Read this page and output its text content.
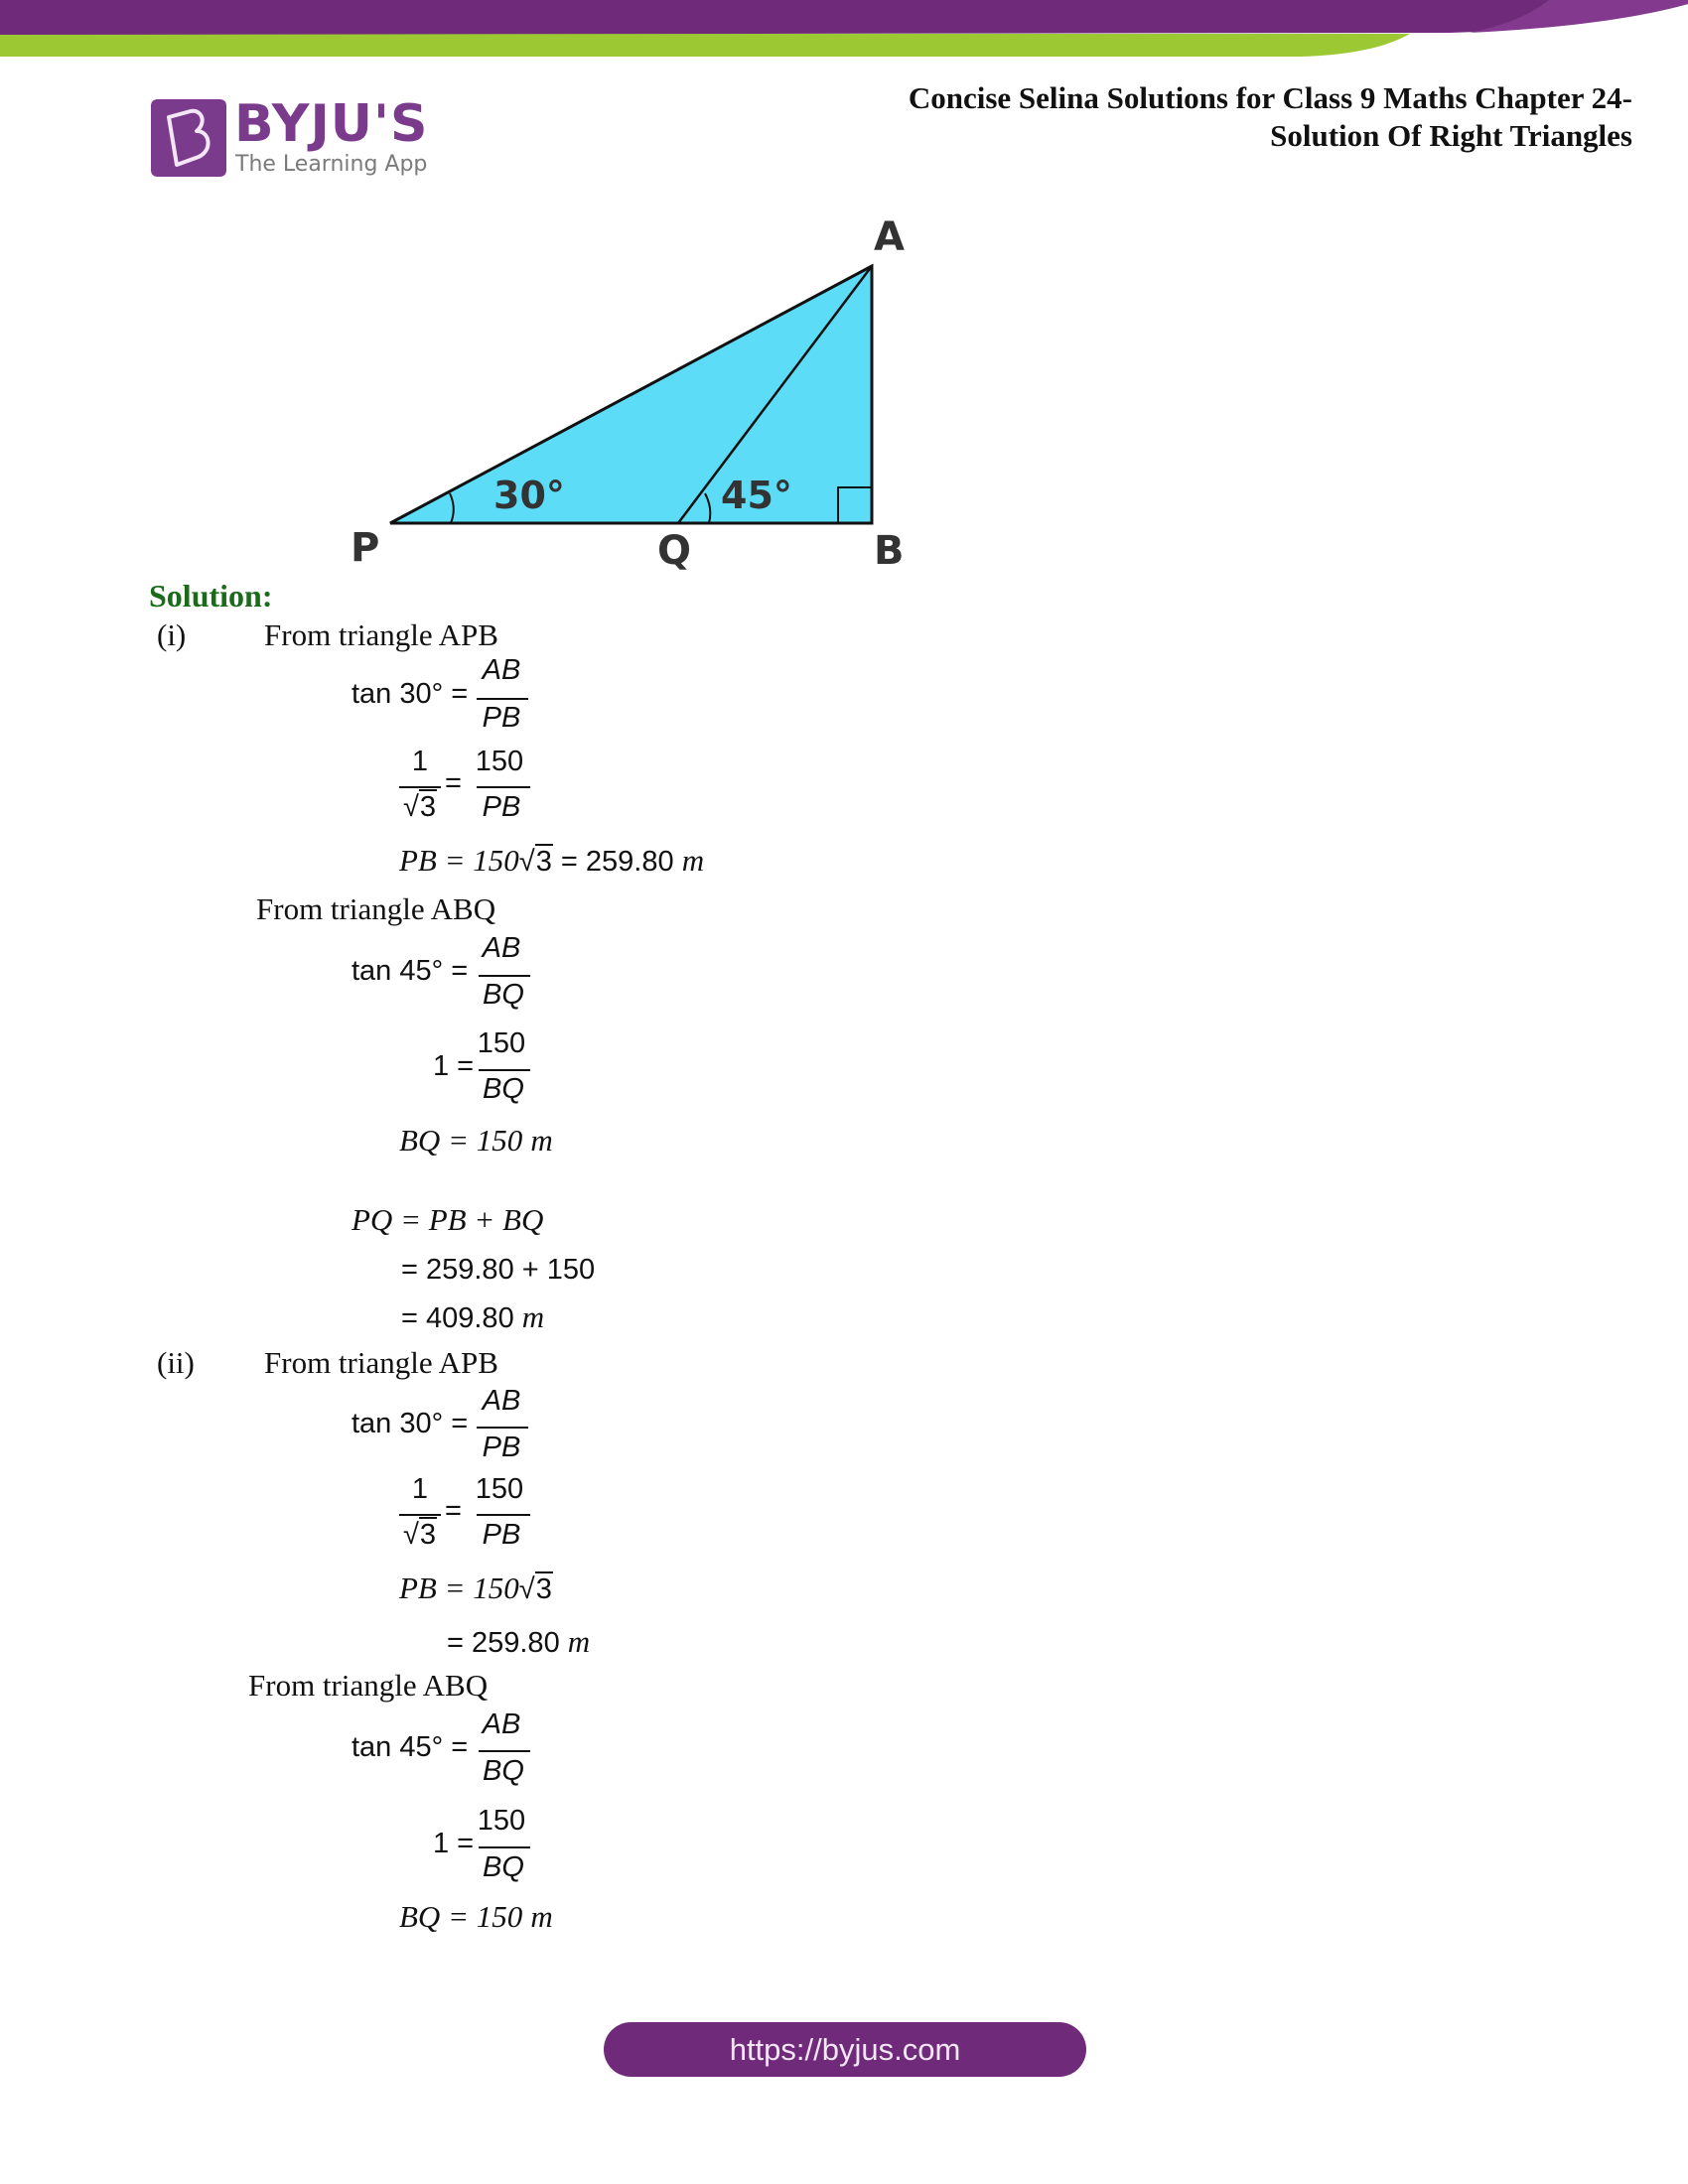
BYJU'S
The Learning App
Concise Selina Solutions for Class 9 Maths Chapter 24-
Solution Of Right Triangles
A
P	Q	B
30°	45°
Solution:
(i)	From triangle APB
tan 30° =
AB
PB
1
√3
=
150
PB
PB = 150√3 = 259.80 m
From triangle ABQ
tan 45° =
AB
BQ
1 =
150
BQ
BQ = 150 m
PQ = PB + BQ
= 259.80 + 150
= 409.80 m
(ii) From triangle APB
tan 30° =
AB
PB
1
√3
=
150
PB
PB = 150√3
= 259.80 m
From triangle ABQ
tan 45° =
AB
BQ
1 =
150
BQ
BQ = 150 m
https://byjus.com
